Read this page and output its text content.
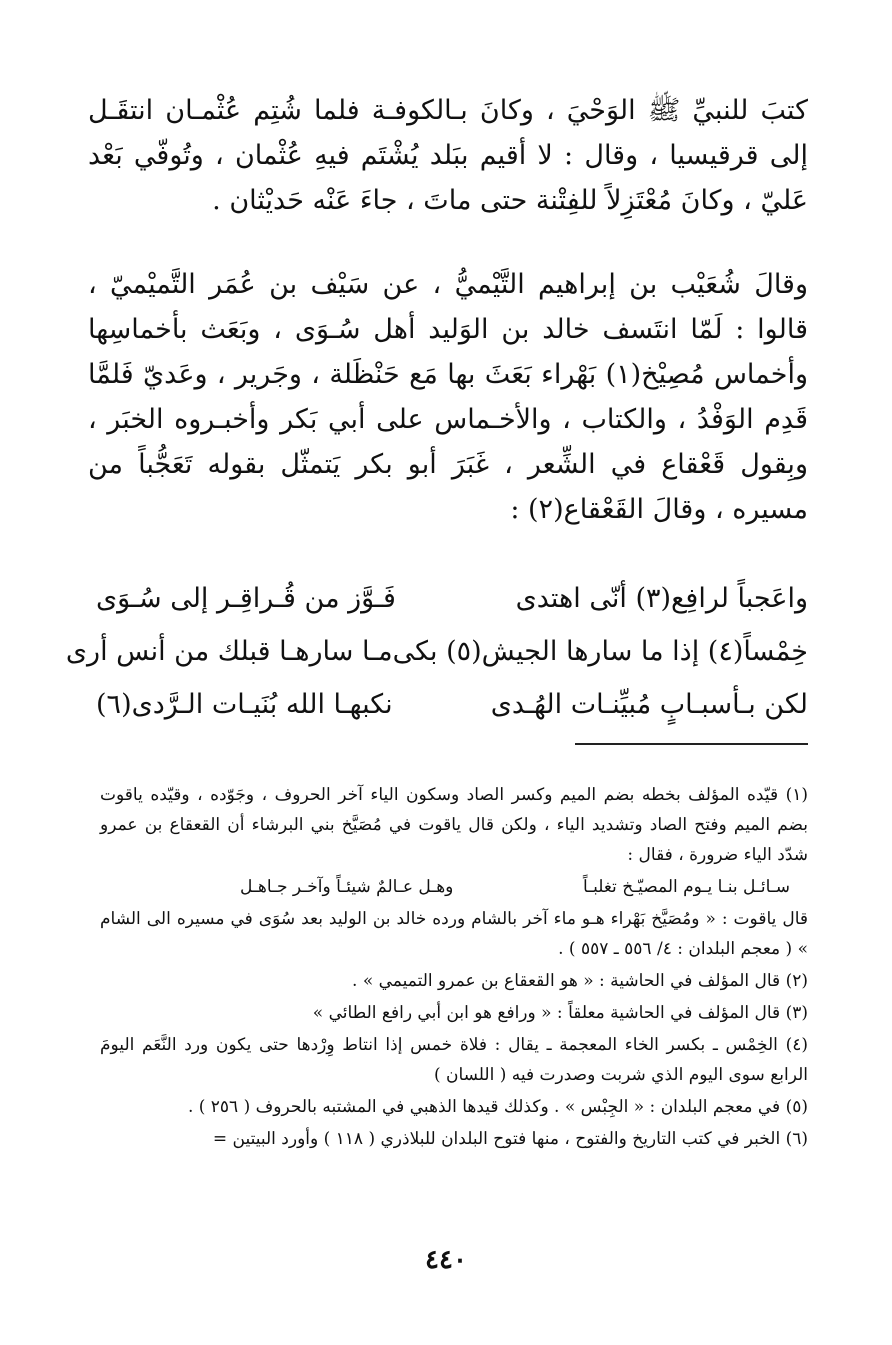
كتبَ للنبيِّ ﷺ الوَحْيَ ، وكانَ بـالكوفـة فلما شُتِم عُثْمـان انتقَـل إلى قرقيسيا ، وقال : لا أقيم ببَلد يُشْتَم فيهِ عُثْمان ، وتُوفّي بَعْد عَليّ ، وكانَ مُعْتَزِلاً للفِتْنة حتى ماتَ ، جاءَ عَنْه حَديْثان .
وقالَ شُعَيْب بن إبراهيم التَّيْميُّ ، عن سَيْف بن عُمَر التَّميْميّ ، قالوا : لَمّا انتَسف خالد بن الوَليد أهل سُـوَى ، وبَعَث بأخماسِها وأخماس مُصِيْخ(١) بَهْراء بَعَثَ بها مَع حَنْظَلة ، وجَرير ، وعَديّ فَلمَّا قَدِم الوَفْدُ ، والكتاب ، والأخـماس على أبي بَكر وأخبـروه الخبَر ، وبِقول قَعْقاع في الشِّعر ، غَبَرَ أبو بكر يَتمثّل بقوله تَعَجُّباً من مسيره ، وقالَ القَعْقاع(٢) :
واعَجباً لرافِع(٣) أنّى اهتدى
فَـوَّز من قُـراقِـر إلى سُـوَى
خِمْساً(٤) إذا ما سارها الجيش(٥) بكى
مـا سارهـا قبلك من أنس أرى
لكن بـأسبـابٍ مُبيِّنـات الهُـدى
نكبهـا الله بُنَيـات الـرَّدى(٦)

(١) قيّده المؤلف بخطه بضم الميم وكسر الصاد وسكون الياء آخر الحروف ، وجَوّده ، وقيّده ياقوت بضم الميم وفتح الصاد وتشديد الياء ، ولكن قال ياقوت في مُصَيَّخ بني البرشاء أن القعقاع بن عمرو شدّد الياء ضرورة ، فقال :

سـائـل بنـا يـوم المصيّـخ تغلبـاً
وهـل عـالمٌ شيئـاً وآخـر جـاهـل

قال ياقوت : « ومُصَيَّخ بَهْراء هـو ماء آخر بالشام ورده خالد بن الوليد بعد سُوَى في مسيره الى الشام » ( معجم البلدان : ٤/ ٥٥٦ ـ ٥٥٧ ) .

(٢) قال المؤلف في الحاشية : « هو القعقاع بن عمرو التميمي » .

(٣) قال المؤلف في الحاشية معلقاً : « ورافع هو ابن أبي رافع الطائي »

(٤) الخِمْس ـ بكسر الخاء المعجمة ـ يقال : فلاة خمس إذا انتاط وِرْدها حتى يكون ورد النَّعَم اليومَ الرابع سوى اليوم الذي شربت وصدرت فيه ( اللسان )

(٥) في معجم البلدان : « الجِبْس » . وكذلك قيدها الذهبي في المشتبه بالحروف ( ٢٥٦ ) .

(٦) الخبر في كتب التاريخ والفتوح ، منها فتوح البلدان للبلاذري ( ١١٨ ) وأورد البيتين =

٤٤٠
